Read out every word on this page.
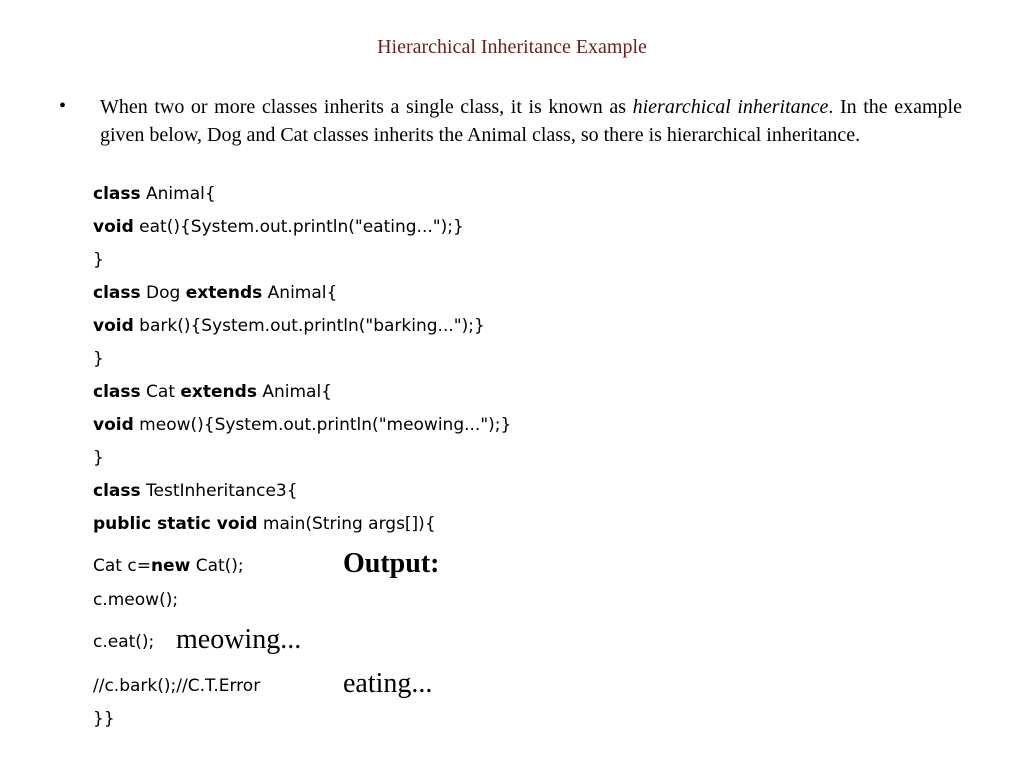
Hierarchical Inheritance Example
• When two or more classes inherits a single class, it is known as hierarchical inheritance. In the example given below, Dog and Cat classes inherits the Animal class, so there is hierarchical inheritance.
class Animal{
void eat(){System.out.println("eating...");}
}
class Dog extends Animal{
void bark(){System.out.println("barking...");}
}
class Cat extends Animal{
void meow(){System.out.println("meowing...");}
}
class TestInheritance3{
public static void main(String args[]){
Cat c=new Cat();
c.meow();
c.eat();
//c.bark();//C.T.Error
}}
Output:
meowing...
eating...
